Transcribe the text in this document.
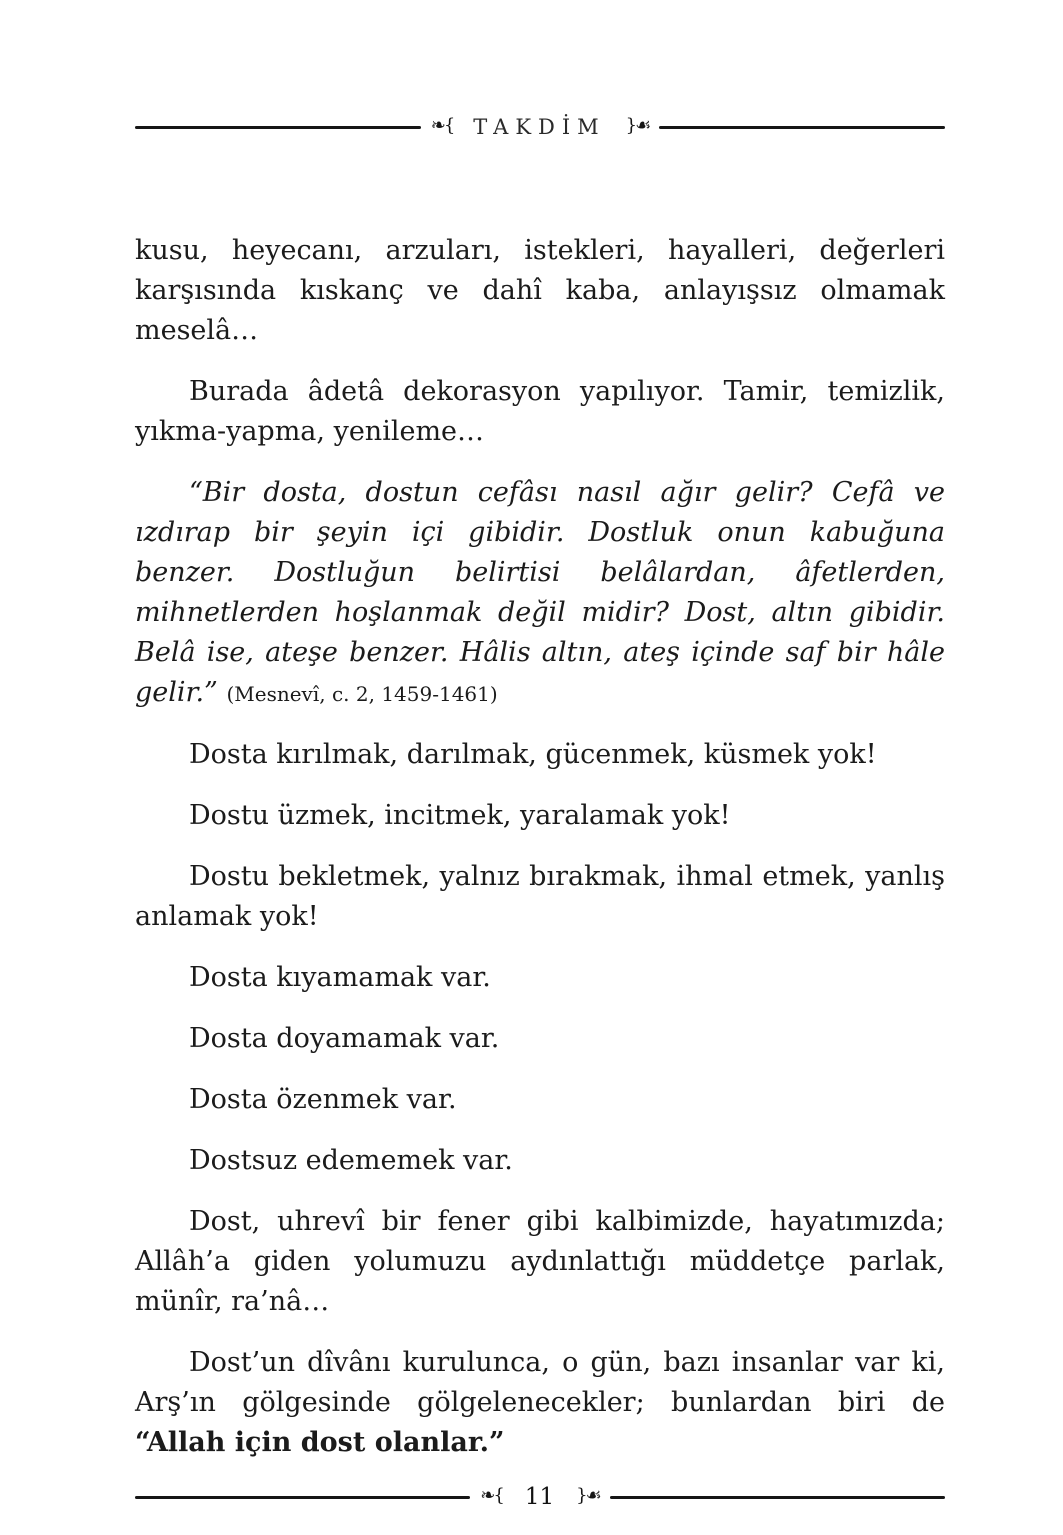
❧{ TAKDİM	}☙

kusu, heyecanı, arzuları, istekleri, hayalleri, değerleri karşısında kıskanç ve dahî kaba, anlayışsız olmamak meselâ…

Burada âdetâ dekorasyon yapılıyor. Tamir, temizlik, yıkma-yapma, yenileme…

“Bir dosta, dostun cefâsı nasıl ağır gelir? Cefâ ve ızdırap bir şeyin içi gibidir. Dostluk onun kabuğuna benzer. Dostluğun belirtisi belâlardan, âfetlerden, mihnetlerden hoşlanmak değil midir? Dost, altın gibidir. Belâ ise, ateşe benzer. Hâlis altın, ateş içinde saf bir hâle gelir.” (Mesnevî, c. 2, 1459-1461)

Dosta kırılmak, darılmak, gücenmek, küsmek yok!

Dostu üzmek, incitmek, yaralamak yok!

Dostu bekletmek, yalnız bırakmak, ihmal etmek, yanlış anlamak yok!

Dosta kıyamamak var.

Dosta doyamamak var.

Dosta özenmek var.

Dostsuz edememek var.

Dost, uhrevî bir fener gibi kalbimizde, hayatımızda; Allâh’a giden yolumuzu aydınlattığı müddetçe parlak, münîr, ra’nâ…

Dost’un dîvânı kurulunca, o gün, bazı insanlar var ki, Arş’ın gölgesinde gölgelenecekler; bunlardan biri de “Allah için dost olanlar.”

❧{ 11	}☙
